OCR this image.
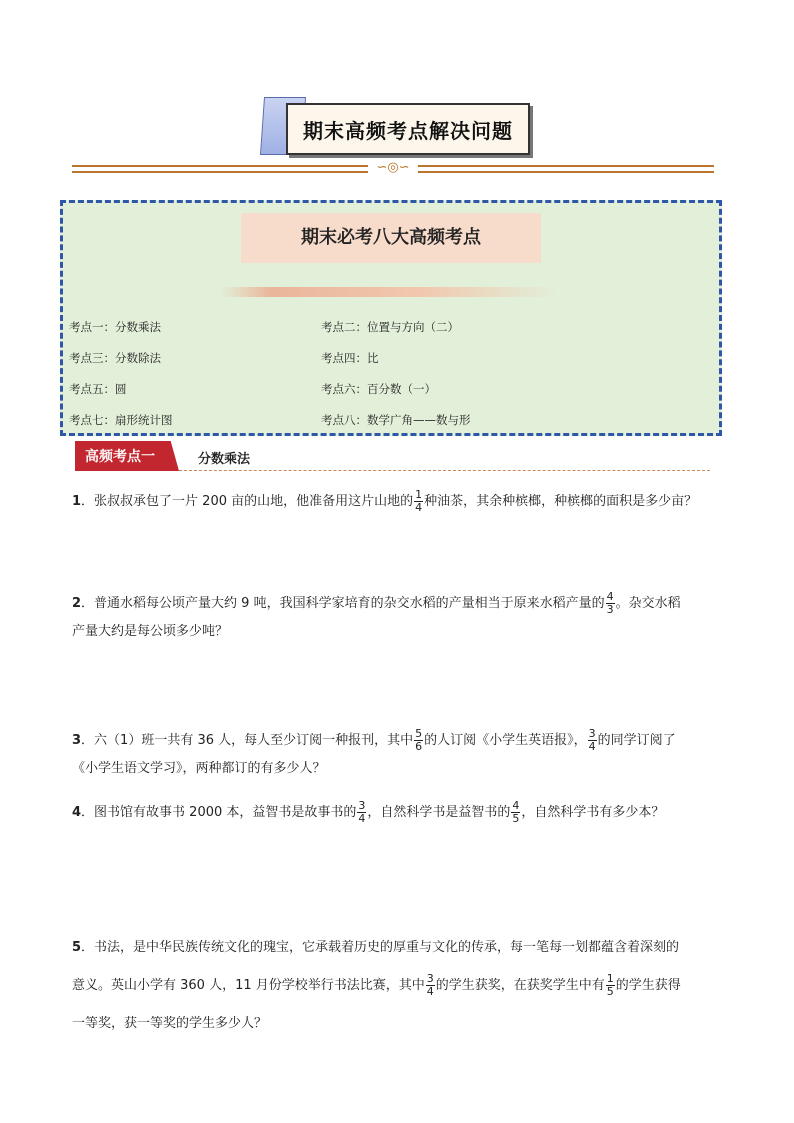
期末高频考点解决问题
∽◎∽
期末必考八大高频考点
考点一：分数乘法	考点二：位置与方向（二）
考点三：分数除法	考点四：比
考点五：圆	考点六：百分数（一）
考点七：扇形统计图	考点八：数学广角——数与形
高频考点一	分数乘法
1．张叔叔承包了一片 200 亩的山地，他准备用这片山地的 $\frac{1}{4}$ 种油茶，其余种槟榔，种槟榔的面积是多少亩？
2．普通水稻每公顷产量大约 9 吨，我国科学家培育的杂交水稻的产量相当于原来水稻产量的 $\frac{4}{3}$ 。杂交水稻
产量大约是每公顷多少吨？
3．六（1）班一共有 36 人，每人至少订阅一种报刊，其中 $\frac{5}{6}$ 的人订阅《小学生英语报》， $\frac{3}{4}$ 的同学订阅了
《小学生语文学习》，两种都订的有多少人？
4．图书馆有故事书 2000 本，益智书是故事书的 $\frac{3}{4}$ ，自然科学书是益智书的 $\frac{4}{5}$ ，自然科学书有多少本？
5．书法，是中华民族传统文化的瑰宝，它承载着历史的厚重与文化的传承，每一笔每一划都蕴含着深刻的
意义。英山小学有 360 人，11 月份学校举行书法比赛，其中 $\frac{3}{4}$ 的学生获奖，在获奖学生中有 $\frac{1}{5}$ 的学生获得
一等奖，获一等奖的学生多少人？
